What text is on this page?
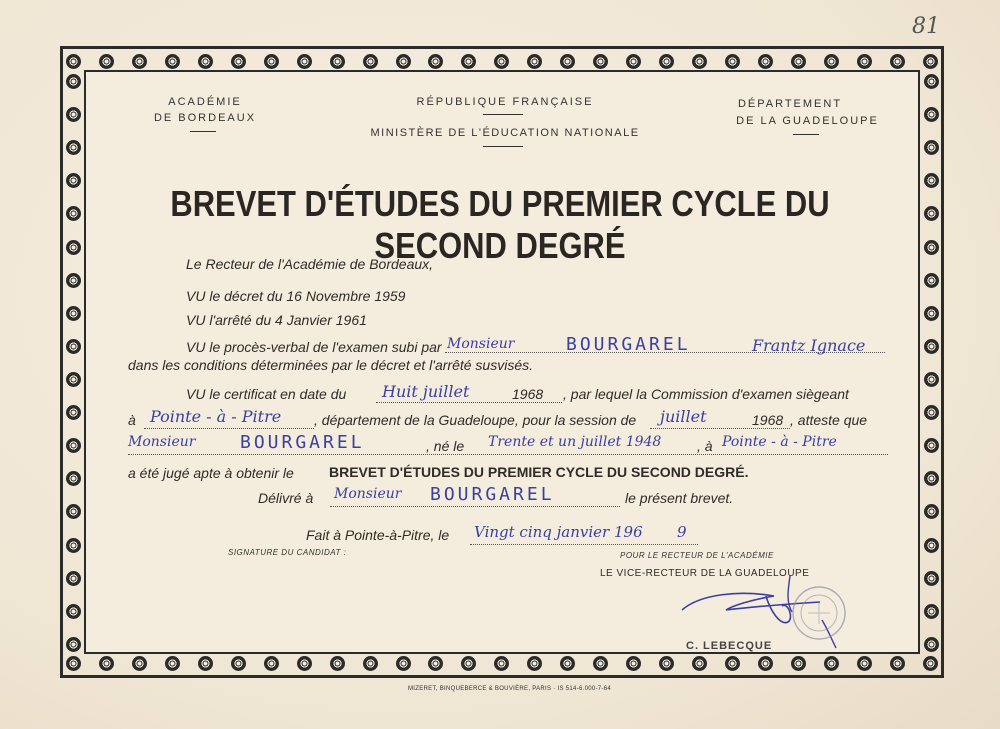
81
ACADÉMIE
DE BORDEAUX
RÉPUBLIQUE FRANÇAISE
MINISTÈRE DE L'ÉDUCATION NATIONALE
DÉPARTEMENT
DE LA GUADELOUPE
BREVET D'ÉTUDES DU PREMIER CYCLE DU SECOND DEGRÉ
Le Recteur de l'Académie de Bordeaux,
VU le décret du 16 Novembre 1959
VU l'arrêté du 4 Janvier 1961
VU le procès-verbal de l'examen subi par Monsieur	BOURGAREL	Frantz Ignace
dans les conditions déterminées par le décret et l'arrêté susvisés.
VU le certificat en date du Huit juillet	1968 , par lequel la Commission d'examen siègeant
à Pointe - à - Pitre , département de la Guadeloupe, pour la session de juillet	1968 , atteste que
Monsieur BOURGAREL	, né le Trente et un juillet 1948	, à Pointe - à - Pitre
a été jugé apte à obtenir le	BREVET D'ÉTUDES DU PREMIER CYCLE DU SECOND DEGRÉ.
Délivré à Monsieur BOURGAREL	le présent brevet.
Fait à Pointe-à-Pitre, le Vingt cinq janvier 196 9
SIGNATURE DU CANDIDAT :	POUR LE RECTEUR DE L'ACADÉMIE
LE VICE-RECTEUR DE LA GUADELOUPE
C. LEBECQUE
MIZERET, BINQUEBERCE & BOUVIÈRE, PARIS · IS 514-6.000-7-64
